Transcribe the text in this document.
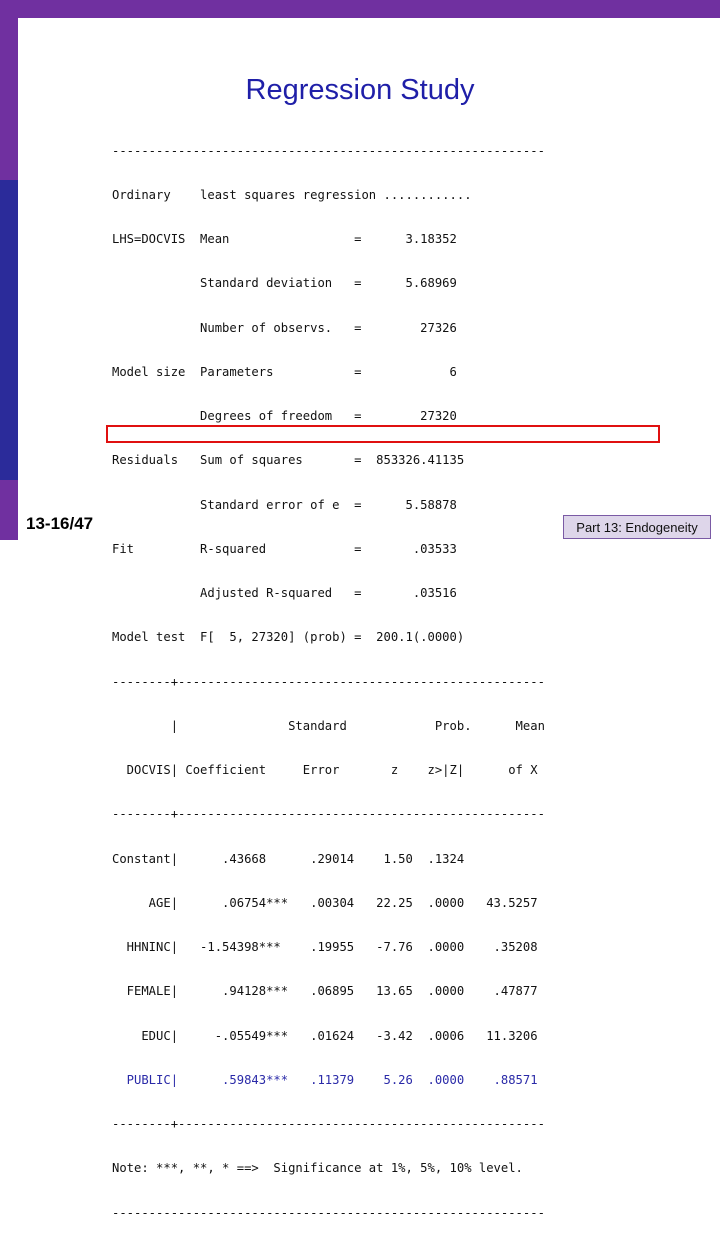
Regression Study

-----------------------------------------------------------

Ordinary    least squares regression ............

LHS=DOCVIS  Mean                 =      3.18352

Standard deviation   =      5.68969

Number of observs.   =        27326

Model size  Parameters           =            6

Degrees of freedom   =        27320

Residuals   Sum of squares       =  853326.41135

Standard error of e  =      5.58878

Fit         R-squared            =       .03533

Adjusted R-squared   =       .03516

Model test  F[  5, 27320] (prob) =  200.1(.0000)

--------+--------------------------------------------------

|               Standard            Prob.      Mean

DOCVIS| Coefficient     Error       z    z>|Z|      of X

--------+--------------------------------------------------

Constant|      .43668      .29014    1.50  .1324

AGE|      .06754***   .00304   22.25  .0000   43.5257

HHNINC|   -1.54398***    .19955   -7.76  .0000    .35208

FEMALE|      .94128***   .06895   13.65  .0000    .47877

EDUC|     -.05549***   .01624   -3.42  .0006   11.3206

PUBLIC|      .59843***   .11379    5.26  .0000    .88571

--------+--------------------------------------------------

Note: ***, **, * ==>  Significance at 1%, 5%, 10% level.

-----------------------------------------------------------

13-16/47	Part 13: Endogeneity
